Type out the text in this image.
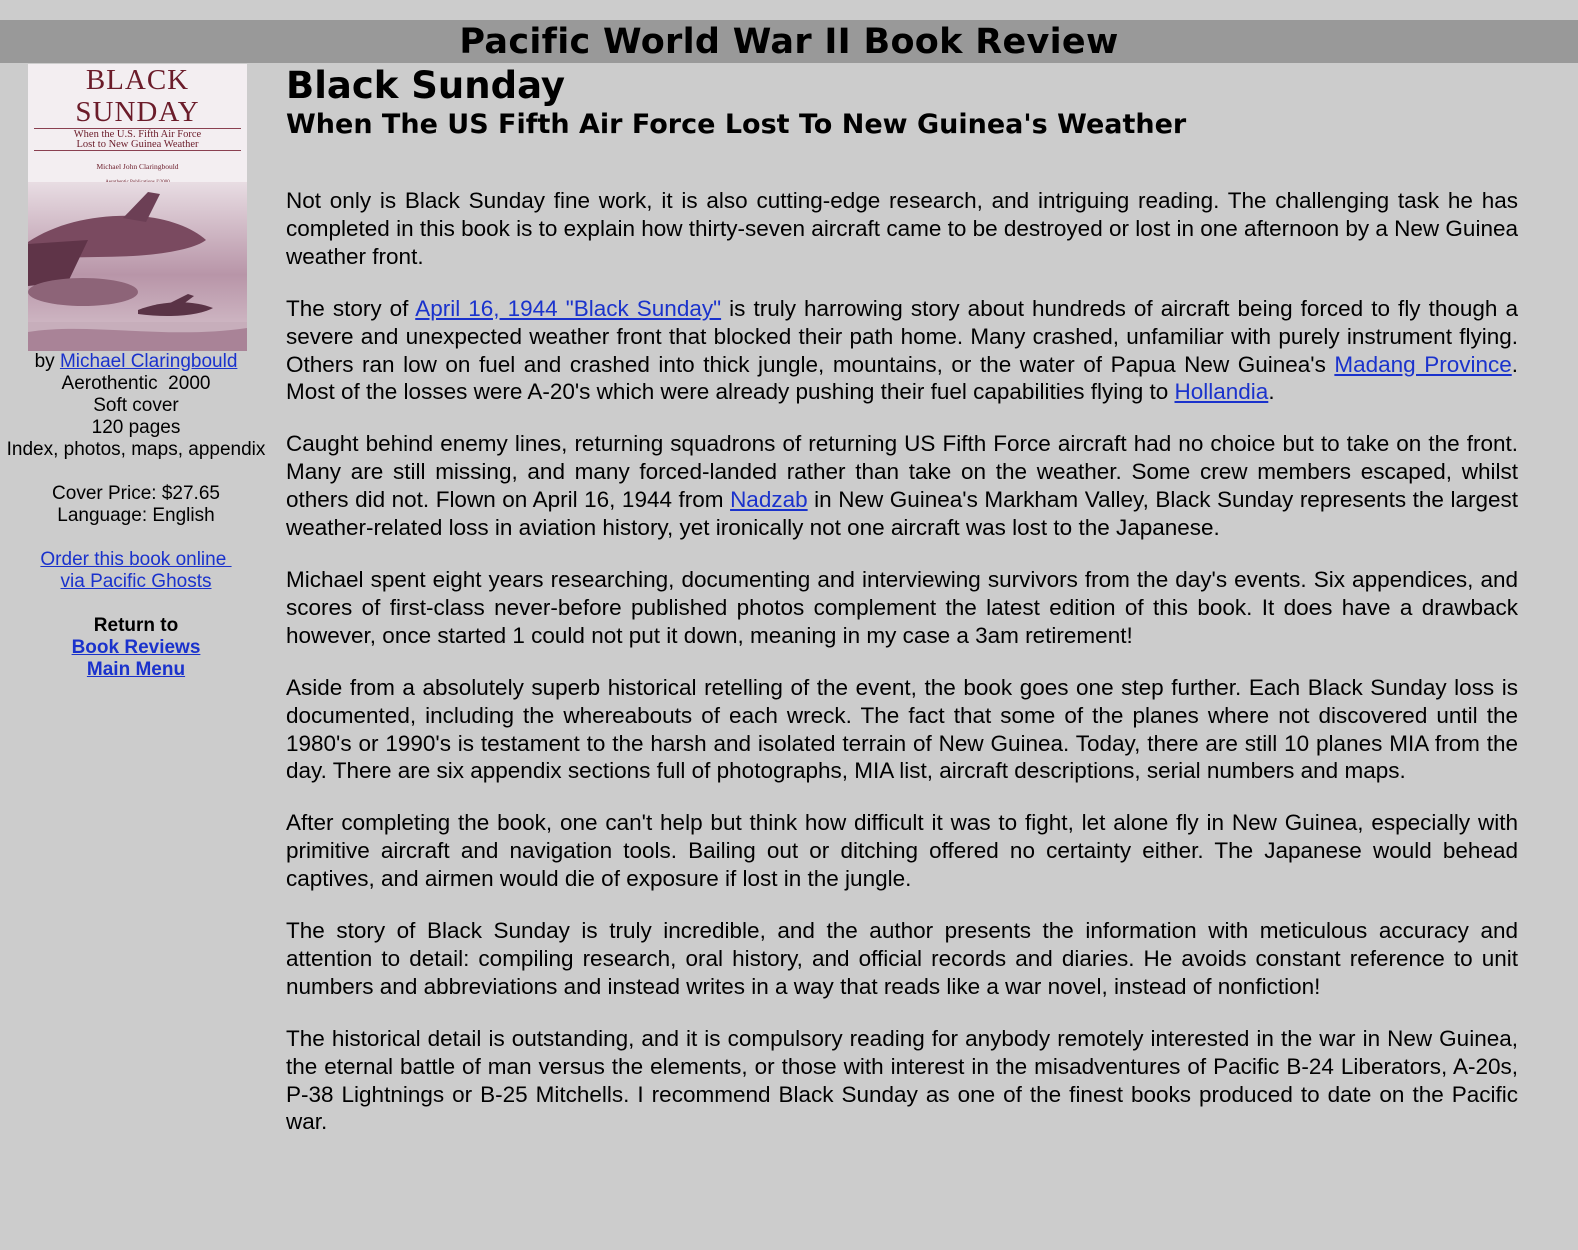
Pacific World War II Book Review
BLACK
SUNDAY
When the U.S. Fifth Air Force
Lost to New Guinea Weather
Michael John Claringbould
by Michael Claringbould
Aerothentic  2000
Soft cover
120 pages
Index, photos, maps, appendix
Cover Price: $27.65
Language: English
Order this book online
via Pacific Ghosts
Return to
Book Reviews
Main Menu
Black Sunday
When The US Fifth Air Force Lost To New Guinea's Weather

Not only is Black Sunday fine work, it is also cutting-edge research, and intriguing reading. The challenging task he has completed in this book is to explain how thirty-seven aircraft came to be destroyed or lost in one afternoon by a New Guinea weather front.

The story of April 16, 1944 "Black Sunday" is truly harrowing story about hundreds of aircraft being forced to fly though a severe and unexpected weather front that blocked their path home. Many crashed, unfamiliar with purely instrument flying. Others ran low on fuel and crashed into thick jungle, mountains, or the water of Papua New Guinea's Madang Province. Most of the losses were A-20's which were already pushing their fuel capabilities flying to Hollandia.

Caught behind enemy lines, returning squadrons of returning US Fifth Force aircraft had no choice but to take on the front. Many are still missing, and many forced-landed rather than take on the weather. Some crew members escaped, whilst others did not. Flown on April 16, 1944 from Nadzab in New Guinea's Markham Valley, Black Sunday represents the largest weather-related loss in aviation history, yet ironically not one aircraft was lost to the Japanese.

Michael spent eight years researching, documenting and interviewing survivors from the day's events. Six appendices, and scores of first-class never-before published photos complement the latest edition of this book. It does have a drawback however, once started 1 could not put it down, meaning in my case a 3am retirement!

Aside from a absolutely superb historical retelling of the event, the book goes one step further. Each Black Sunday loss is documented, including the whereabouts of each wreck. The fact that some of the planes where not discovered until the 1980's or 1990's is testament to the harsh and isolated terrain of New Guinea. Today, there are still 10 planes MIA from the day. There are six appendix sections full of photographs, MIA list, aircraft descriptions, serial numbers and maps.

After completing the book, one can't help but think how difficult it was to fight, let alone fly in New Guinea, especially with primitive aircraft and navigation tools. Bailing out or ditching offered no certainty either. The Japanese would behead captives, and airmen would die of exposure if lost in the jungle.

The story of Black Sunday is truly incredible, and the author presents the information with meticulous accuracy and attention to detail: compiling research, oral history, and official records and diaries. He avoids constant reference to unit numbers and abbreviations and instead writes in a way that reads like a war novel, instead of nonfiction!

The historical detail is outstanding, and it is compulsory reading for anybody remotely interested in the war in New Guinea, the eternal battle of man versus the elements, or those with interest in the misadventures of Pacific B-24 Liberators, A-20s, P-38 Lightnings or B-25 Mitchells. I recommend Black Sunday as one of the finest books produced to date on the Pacific war.
